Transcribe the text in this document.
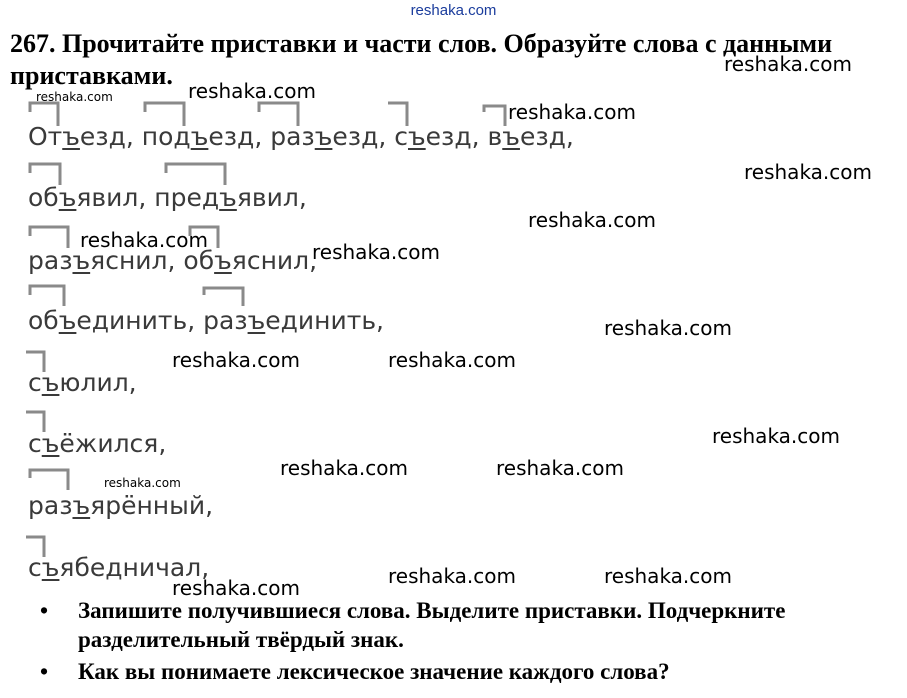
reshaka.com
267. Прочитайте приставки и части слов. Образуйте слова с данными приставками.
Отъезд, подъезд, разъезд, съезд, въезд,
объявил, предъявил,
разъяснил, объяснил,
объединить, разъединить,
съюлил,
съёжился,
разъярённый,
съябедничал,
reshaka.com
reshaka.com	reshaka.com
reshaka.com
reshaka.com
reshaka.com
reshaka.com	reshaka.com
reshaka.com
reshaka.com	reshaka.com
reshaka.com
reshaka.com	reshaka.com
reshaka.com
reshaka.com	reshaka.com
reshaka.com
• Запишите получившиеся слова. Выделите приставки. Подчеркните разделительный твёрдый знак.
• Как вы понимаете лексическое значение каждого слова?
